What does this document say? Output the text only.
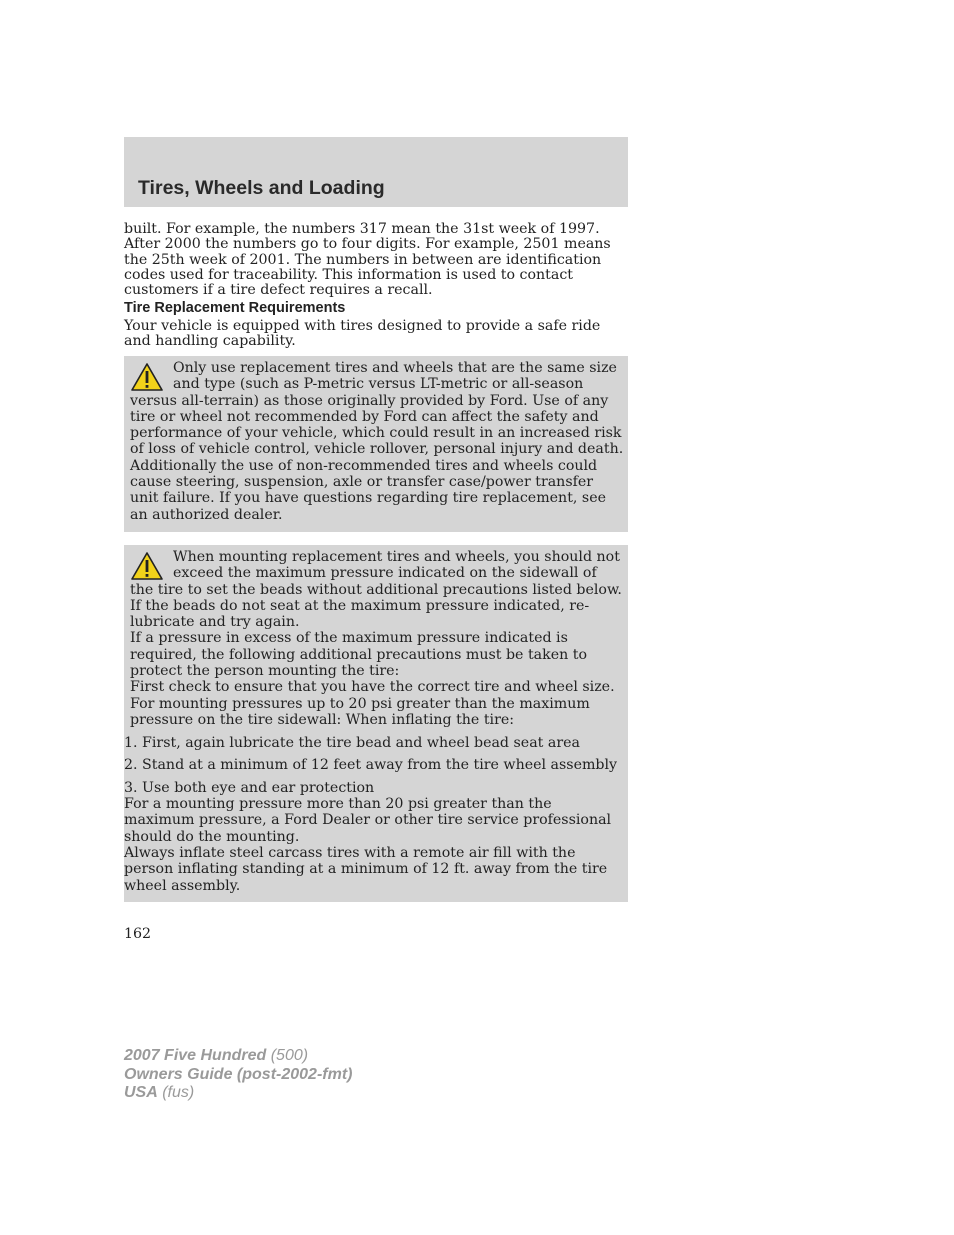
Tires, Wheels and Loading

built. For example, the numbers 317 mean the 31st week of 1997. After 2000 the numbers go to four digits. For example, 2501 means the 25th week of 2001. The numbers in between are identification codes used for traceability. This information is used to contact customers if a tire defect requires a recall.

Tire Replacement Requirements

Your vehicle is equipped with tires designed to provide a safe ride and handling capability.

Only use replacement tires and wheels that are the same size and type (such as P-metric versus LT-metric or all-season versus all-terrain) as those originally provided by Ford. Use of any tire or wheel not recommended by Ford can affect the safety and performance of your vehicle, which could result in an increased risk of loss of vehicle control, vehicle rollover, personal injury and death. Additionally the use of non-recommended tires and wheels could cause steering, suspension, axle or transfer case/power transfer unit failure. If you have questions regarding tire replacement, see an authorized dealer.

When mounting replacement tires and wheels, you should not exceed the maximum pressure indicated on the sidewall of the tire to set the beads without additional precautions listed below. If the beads do not seat at the maximum pressure indicated, re-lubricate and try again.

If a pressure in excess of the maximum pressure indicated is required, the following additional precautions must be taken to protect the person mounting the tire:

First check to ensure that you have the correct tire and wheel size.

For mounting pressures up to 20 psi greater than the maximum pressure on the tire sidewall: When inflating the tire:

1. First, again lubricate the tire bead and wheel bead seat area

2. Stand at a minimum of 12 feet away from the tire wheel assembly

3. Use both eye and ear protection

For a mounting pressure more than 20 psi greater than the maximum pressure, a Ford Dealer or other tire service professional should do the mounting.

Always inflate steel carcass tires with a remote air fill with the person inflating standing at a minimum of 12 ft. away from the tire wheel assembly.

162
2007 Five Hundred (500)
Owners Guide (post-2002-fmt)
USA (fus)
